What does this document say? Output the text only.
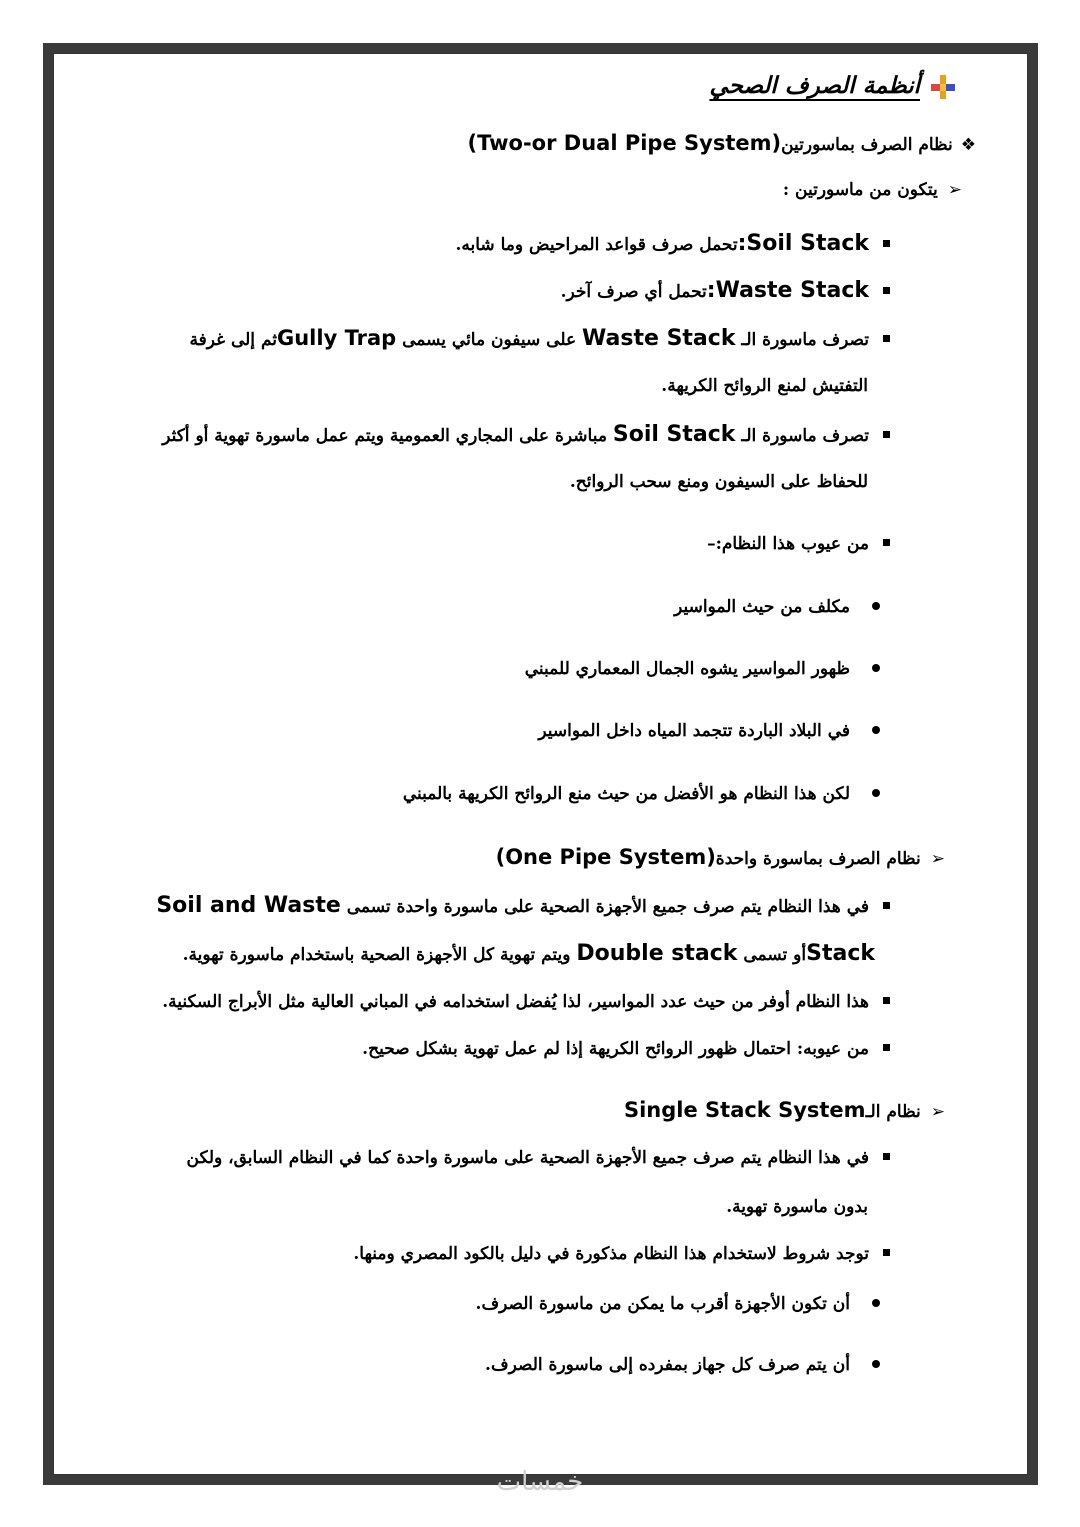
أنظمة الصرف الصحي
❖نظام الصرف بماسورتين(Two-or Dual Pipe System)
➢يتكون من ماسورتين :
:Soil Stackتحمل صرف قواعد المراحيض وما شابه.
:Waste Stackتحمل أي صرف آخر.
تصرف ماسورة الـ Waste Stack على سيفون مائي يسمى Gully Trapثم إلى غرفة
التفتيش لمنع الروائح الكريهة.
تصرف ماسورة الـ Soil Stack مباشرة على المجاري العمومية ويتم عمل ماسورة تهوية أو أكثر
للحفاظ على السيفون ومنع سحب الروائح.
من عيوب هذا النظام:–
مكلف من حيث المواسير
ظهور المواسير يشوه الجمال المعماري للمبني
في البلاد الباردة تتجمد المياه داخل المواسير
لكن هذا النظام هو الأفضل من حيث منع الروائح الكريهة بالمبني
➢نظام الصرف بماسورة واحدة(One Pipe System)
في هذا النظام يتم صرف جميع الأجهزة الصحية على ماسورة واحدة تسمى Soil and Waste
Stackأو تسمى Double stack ويتم تهوية كل الأجهزة الصحية باستخدام ماسورة تهوية.
هذا النظام أوفر من حيث عدد المواسير، لذا يُفضل استخدامه في المباني العالية مثل الأبراج السكنية.
من عيوبه: احتمال ظهور الروائح الكريهة إذا لم عمل تهوية بشكل صحيح.
➢نظام الـSingle Stack System
في هذا النظام يتم صرف جميع الأجهزة الصحية على ماسورة واحدة كما في النظام السابق، ولكن
بدون ماسورة تهوية.
توجد شروط لاستخدام هذا النظام مذكورة في دليل بالكود المصري ومنها.
أن تكون الأجهزة أقرب ما يمكن من ماسورة الصرف.
أن يتم صرف كل جهاز بمفرده إلى ماسورة الصرف.
خمسات
